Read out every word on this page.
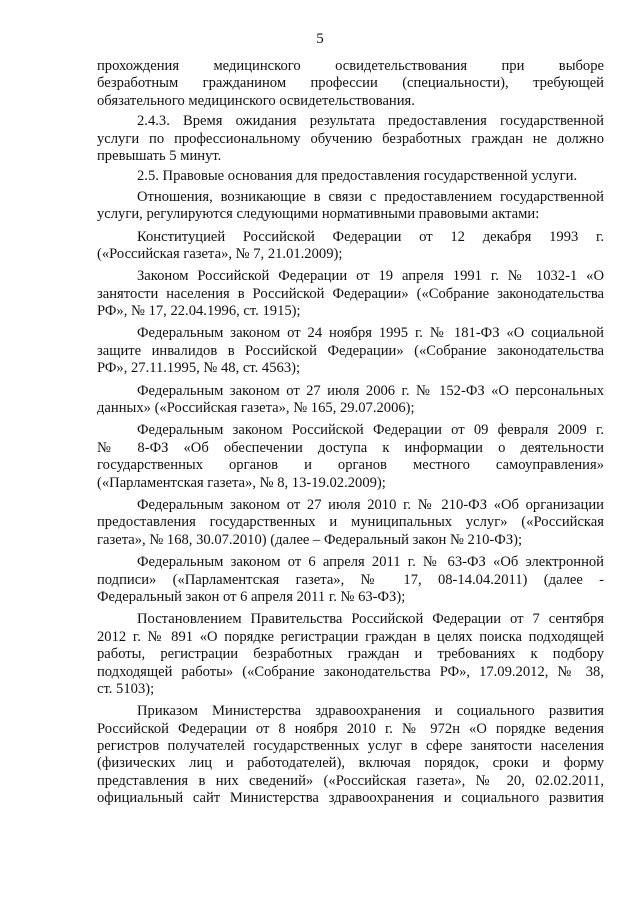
5
прохождения медицинского освидетельствования при выборе
безработным гражданином профессии (специальности), требующей
обязательного медицинского освидетельствования.
2.4.3. Время ожидания результата предоставления государственной
услуги по профессиональному обучению безработных граждан не должно
превышать 5 минут.
2.5. Правовые основания для предоставления государственной услуги.
Отношения, возникающие в связи с предоставлением государственной
услуги, регулируются следующими нормативными правовыми актами:
Конституцией Российской Федерации от 12 декабря 1993 г.
(«Российская газета», № 7, 21.01.2009);
Законом Российской Федерации от 19 апреля 1991 г. № 1032-1 «О
занятости населения в Российской Федерации» («Собрание законодательства
РФ», № 17, 22.04.1996, ст. 1915);
Федеральным законом от 24 ноября 1995 г. № 181-ФЗ «О социальной
защите инвалидов в Российской Федерации» («Собрание законодательства
РФ», 27.11.1995, № 48, ст. 4563);
Федеральным законом от 27 июля 2006 г. № 152-ФЗ «О персональных
данных» («Российская газета», № 165, 29.07.2006);
Федеральным законом Российской Федерации от 09 февраля 2009 г.
№ 8-ФЗ «Об обеспечении доступа к информации о деятельности
государственных органов и органов местного самоуправления»
(«Парламентская газета», № 8, 13-19.02.2009);
Федеральным законом от 27 июля 2010 г. № 210-ФЗ «Об организации
предоставления государственных и муниципальных услуг» («Российская
газета», № 168, 30.07.2010) (далее – Федеральный закон № 210-ФЗ);
Федеральным законом от 6 апреля 2011 г. № 63-ФЗ «Об электронной
подписи» («Парламентская газета», № 17, 08-14.04.2011) (далее -
Федеральный закон от 6 апреля 2011 г. № 63-ФЗ);
Постановлением Правительства Российской Федерации от 7 сентября
2012 г. № 891 «О порядке регистрации граждан в целях поиска подходящей
работы, регистрации безработных граждан и требованиях к подбору
подходящей работы» («Собрание законодательства РФ», 17.09.2012, № 38,
ст. 5103);
Приказом Министерства здравоохранения и социального развития
Российской Федерации от 8 ноября 2010 г. № 972н «О порядке ведения
регистров получателей государственных услуг в сфере занятости населения
(физических лиц и работодателей), включая порядок, сроки и форму
представления в них сведений» («Российская газета», № 20, 02.02.2011,
официальный сайт Министерства здравоохранения и социального развития
